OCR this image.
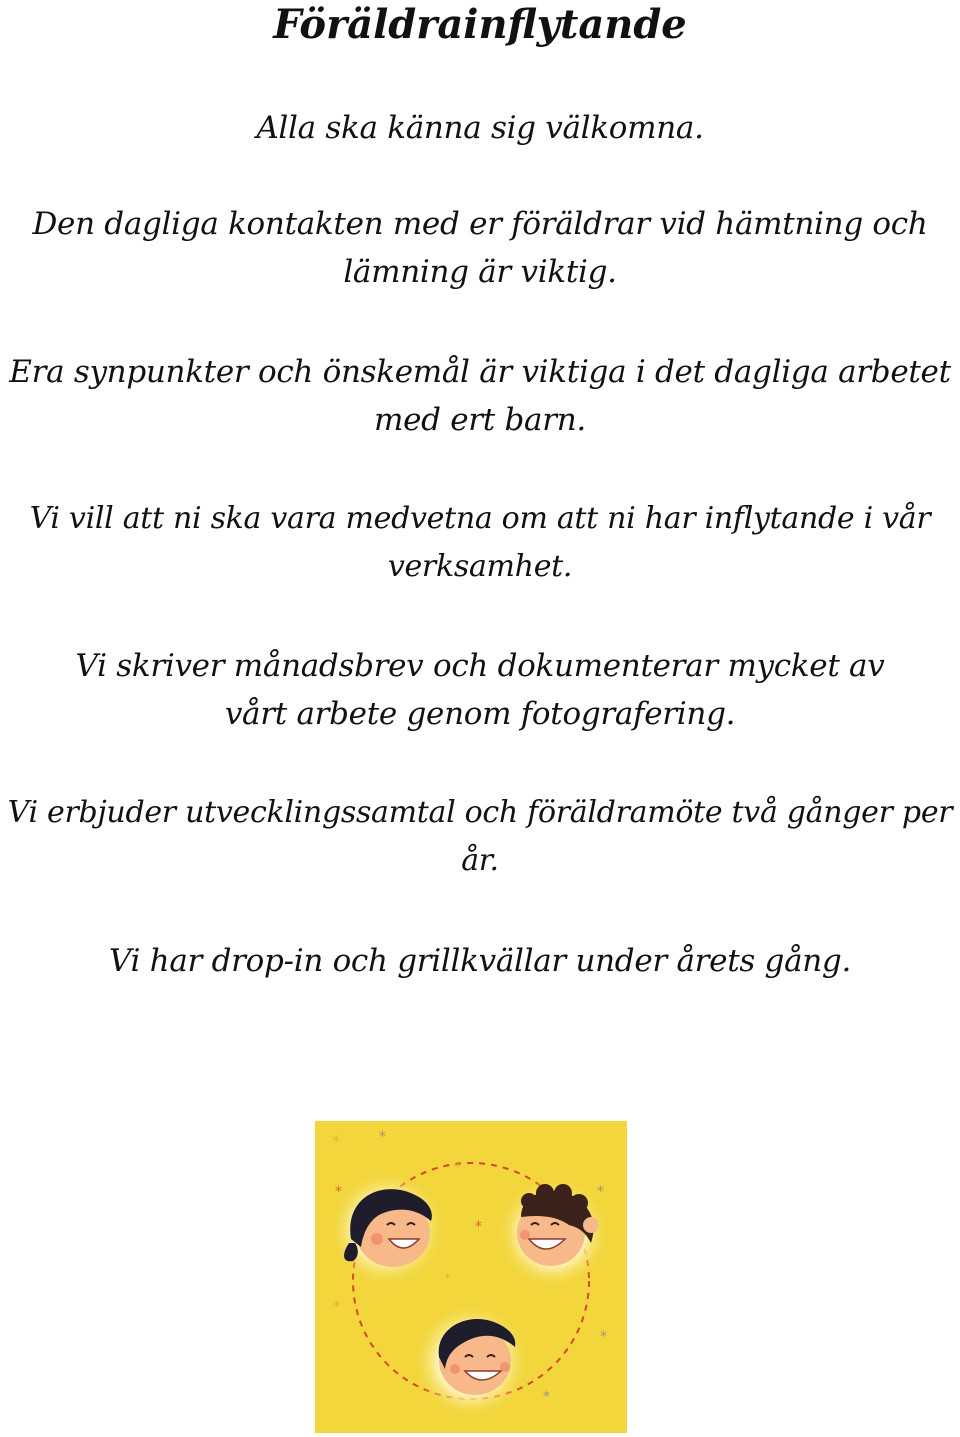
Föräldrainflytande

Alla ska känna sig välkomna.

Den dagliga kontakten med er föräldrar vid hämtning och lämning är viktig.

Era synpunkter och önskemål är viktiga i det dagliga arbetet med ert barn.

Vi vill att ni ska vara medvetna om att ni har inflytande i vår verksamhet.

Vi skriver månadsbrev och dokumenterar mycket av vårt arbete genom fotografering.

Vi erbjuder utvecklingssamtal och föräldramöte två gånger per år.

Vi har drop-in och grillkvällar under årets gång.

*	*
*
*
*
*
*
*
*
*
